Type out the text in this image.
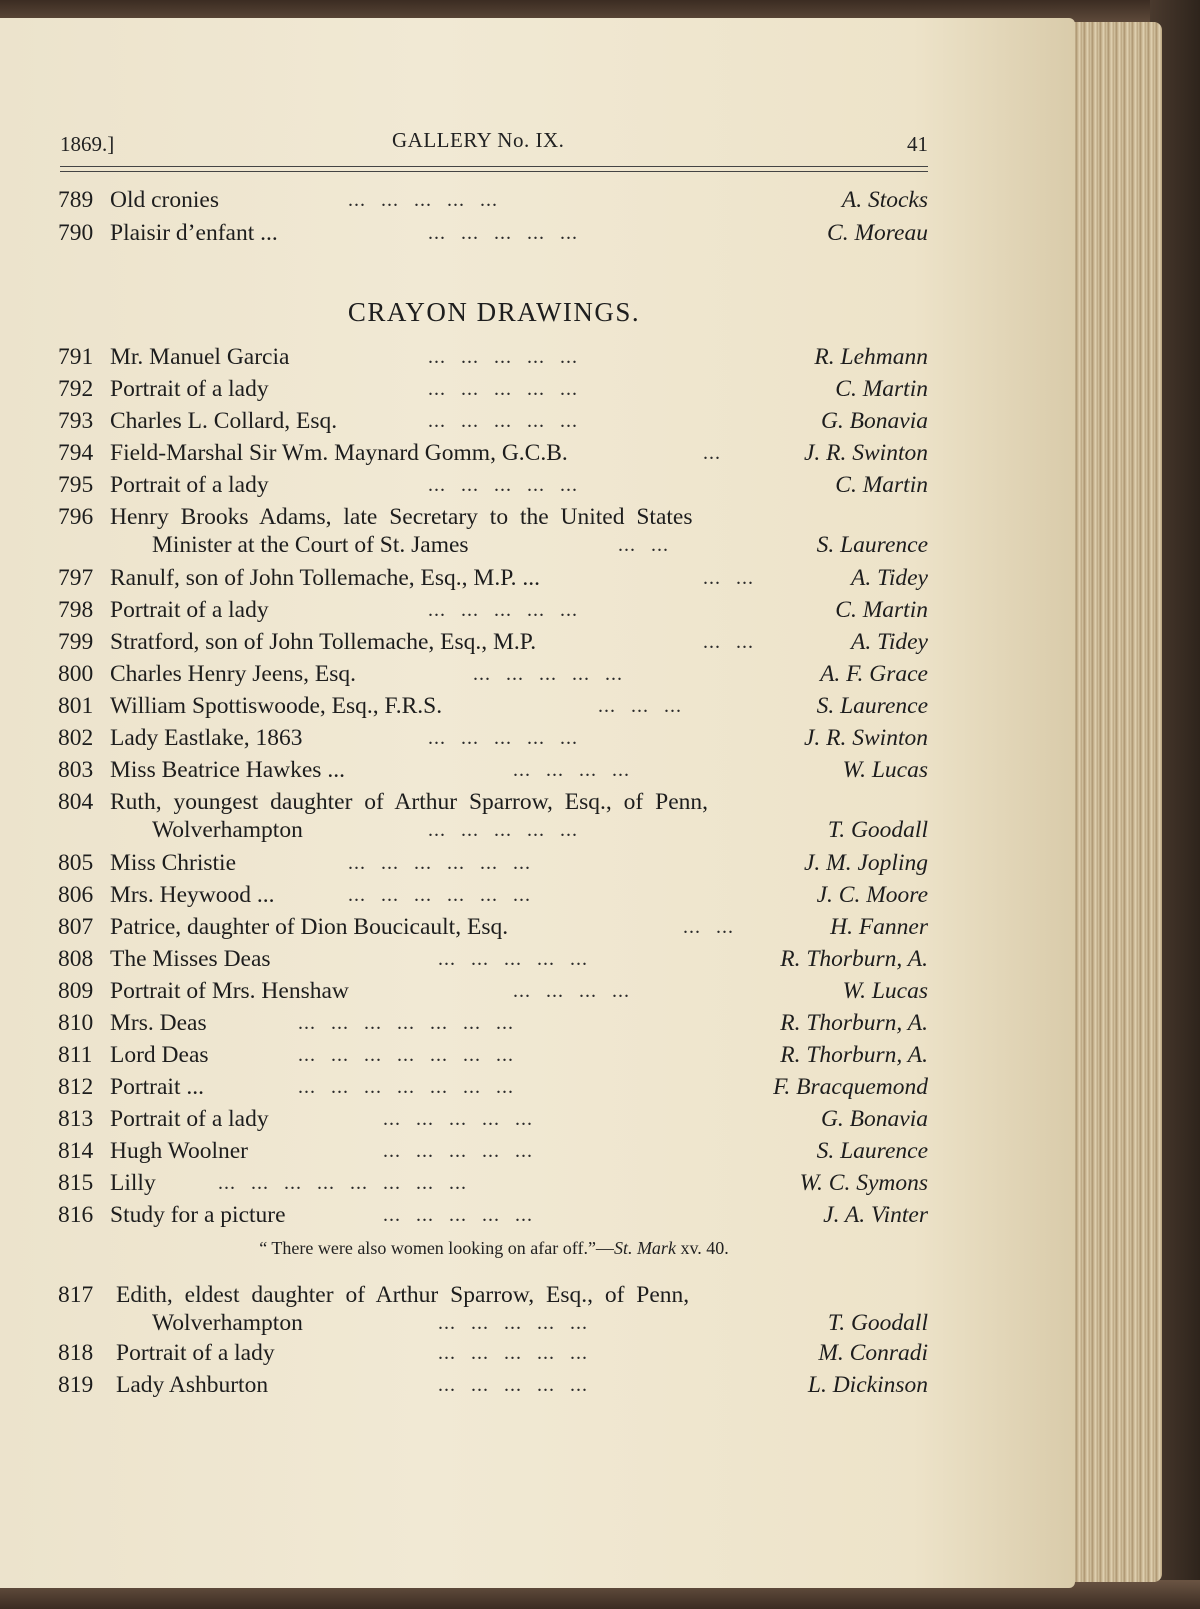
1869.]	GALLERY No. IX.	41
789 Old cronies	... ... ... ... ...	A. Stocks
790 Plaisir d’enfant ...	... ... ... ... ...	C. Moreau
CRAYON DRAWINGS.
791 Mr. Manuel Garcia	... ... ... ... ...	R. Lehmann
792 Portrait of a lady	... ... ... ... ...	C. Martin
793 Charles L. Collard, Esq.	... ... ... ... ...	G. Bonavia
794 Field-Marshal Sir Wm. Maynard Gomm, G.C.B.	...	J. R. Swinton
795 Portrait of a lady	... ... ... ... ...	C. Martin
796 Henry Brooks Adams, late Secretary to the United States
Minister at the Court of St. James	... ...	S. Laurence
797 Ranulf, son of John Tollemache, Esq., M.P. ...	... ...	A. Tidey
798 Portrait of a lady	... ... ... ... ...	C. Martin
799 Stratford, son of John Tollemache, Esq., M.P.	... ...	A. Tidey
800 Charles Henry Jeens, Esq.	... ... ... ... ...	A. F. Grace
801 William Spottiswoode, Esq., F.R.S.	... ... ...	S. Laurence
802 Lady Eastlake, 1863	... ... ... ... ...	J. R. Swinton
803 Miss Beatrice Hawkes ...	... ... ... ...	W. Lucas
804 Ruth, youngest daughter of Arthur Sparrow, Esq., of Penn,
Wolverhampton	... ... ... ... ...	T. Goodall
805 Miss Christie	... ... ... ... ... ...	J. M. Jopling
806 Mrs. Heywood ...	... ... ... ... ... ...	J. C. Moore
807 Patrice, daughter of Dion Boucicault, Esq.	... ...	H. Fanner
808 The Misses Deas	... ... ... ... ...	R. Thorburn, A.
809 Portrait of Mrs. Henshaw	... ... ... ...	W. Lucas
810 Mrs. Deas	... ... ... ... ... ... ...	R. Thorburn, A.
811 Lord Deas	... ... ... ... ... ... ...	R. Thorburn, A.
812 Portrait ...	... ... ... ... ... ... ...	F. Bracquemond
813 Portrait of a lady	... ... ... ... ...	G. Bonavia
814 Hugh Woolner	... ... ... ... ...	S. Laurence
815 Lilly	... ... ... ... ... ... ... ...	W. C. Symons
816 Study for a picture	... ... ... ... ...	J. A. Vinter
“ There were also women looking on afar off.”—St. Mark xv. 40.
817 Edith, eldest daughter of Arthur Sparrow, Esq., of Penn,
Wolverhampton	... ... ... ... ...	T. Goodall
818 Portrait of a lady	... ... ... ... ...	M. Conradi
819 Lady Ashburton	... ... ... ... ...	L. Dickinson
